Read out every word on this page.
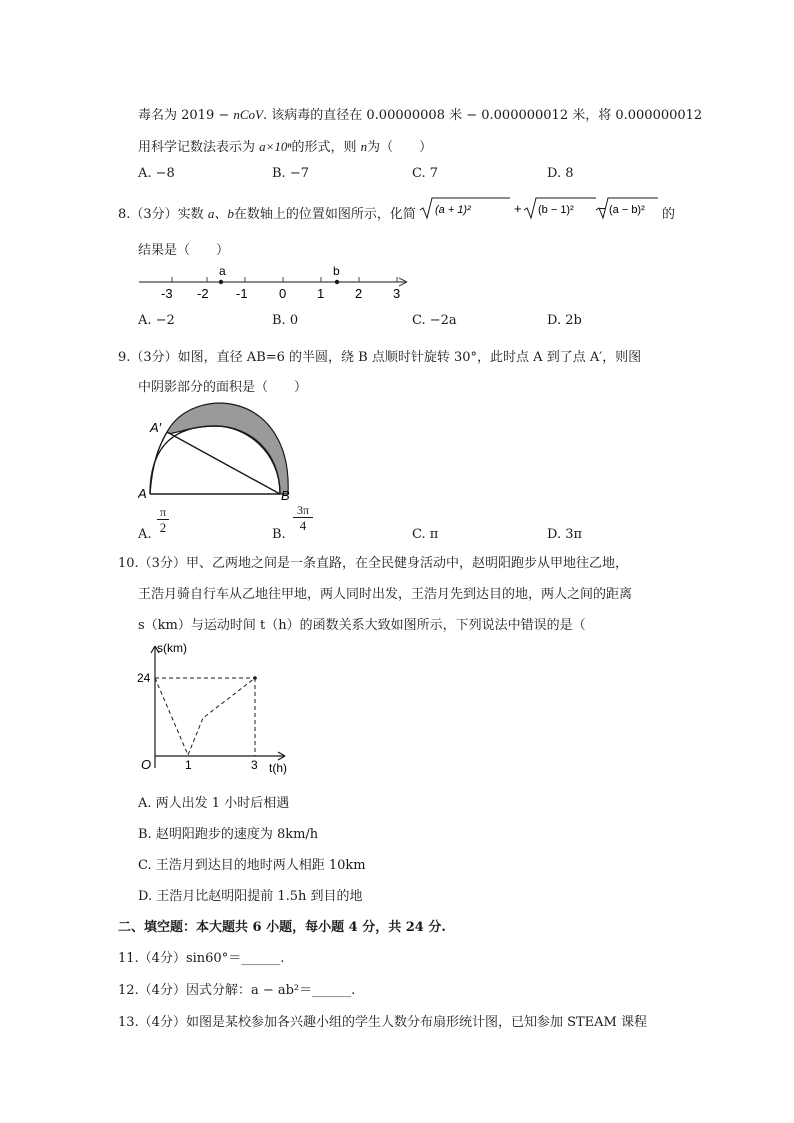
毒名为 2019 − nCoV. 该病毒的直径在 0.00000008 米 − 0.000000012 米，将 0.000000012
用科学记数法表示为 a×10ⁿ的形式，则 n为（　　）
A. −8	B. −7	C. 7	D. 8
8.（3分）实数 a、b在数轴上的位置如图所示，化简 (a + 1)²	+ (b − 1)² − (a − b)² 的
结果是（　　）
-3 -2 -1 0 1 2 3
a	b
A. −2	B. 0	C. −2a	D. 2b
9.（3分）如图，直径 AB=6 的半圆，绕 B 点顺时针旋转 30°，此时点 A 到了点 A′，则图
中阴影部分的面积是（　　）
A
A′
B
A. $\frac{\pi}{2}$	B.
$\frac{3\pi}{4}$
C. π	D. 3π
10.（3分）甲、乙两地之间是一条直路，在全民健身活动中，赵明阳跑步从甲地往乙地，
王浩月骑自行车从乙地往甲地，两人同时出发，王浩月先到达目的地，两人之间的距离
s（km）与运动时间 t（h）的函数关系大致如图所示，下列说法中错误的是（
s(km)
t(h)
24
1	3
O
A. 两人出发 1 小时后相遇
B. 赵明阳跑步的速度为 8km/h
C. 王浩月到达目的地时两人相距 10km
D. 王浩月比赵明阳提前 1.5h 到目的地
二、填空题：本大题共 6 小题，每小题 4 分，共 24 分.
11.（4分）sin60°＝______.
12.（4分）因式分解：a − ab²＝______.
13.（4分）如图是某校参加各兴趣小组的学生人数分布扇形统计图，已知参加 STEAM 课程
